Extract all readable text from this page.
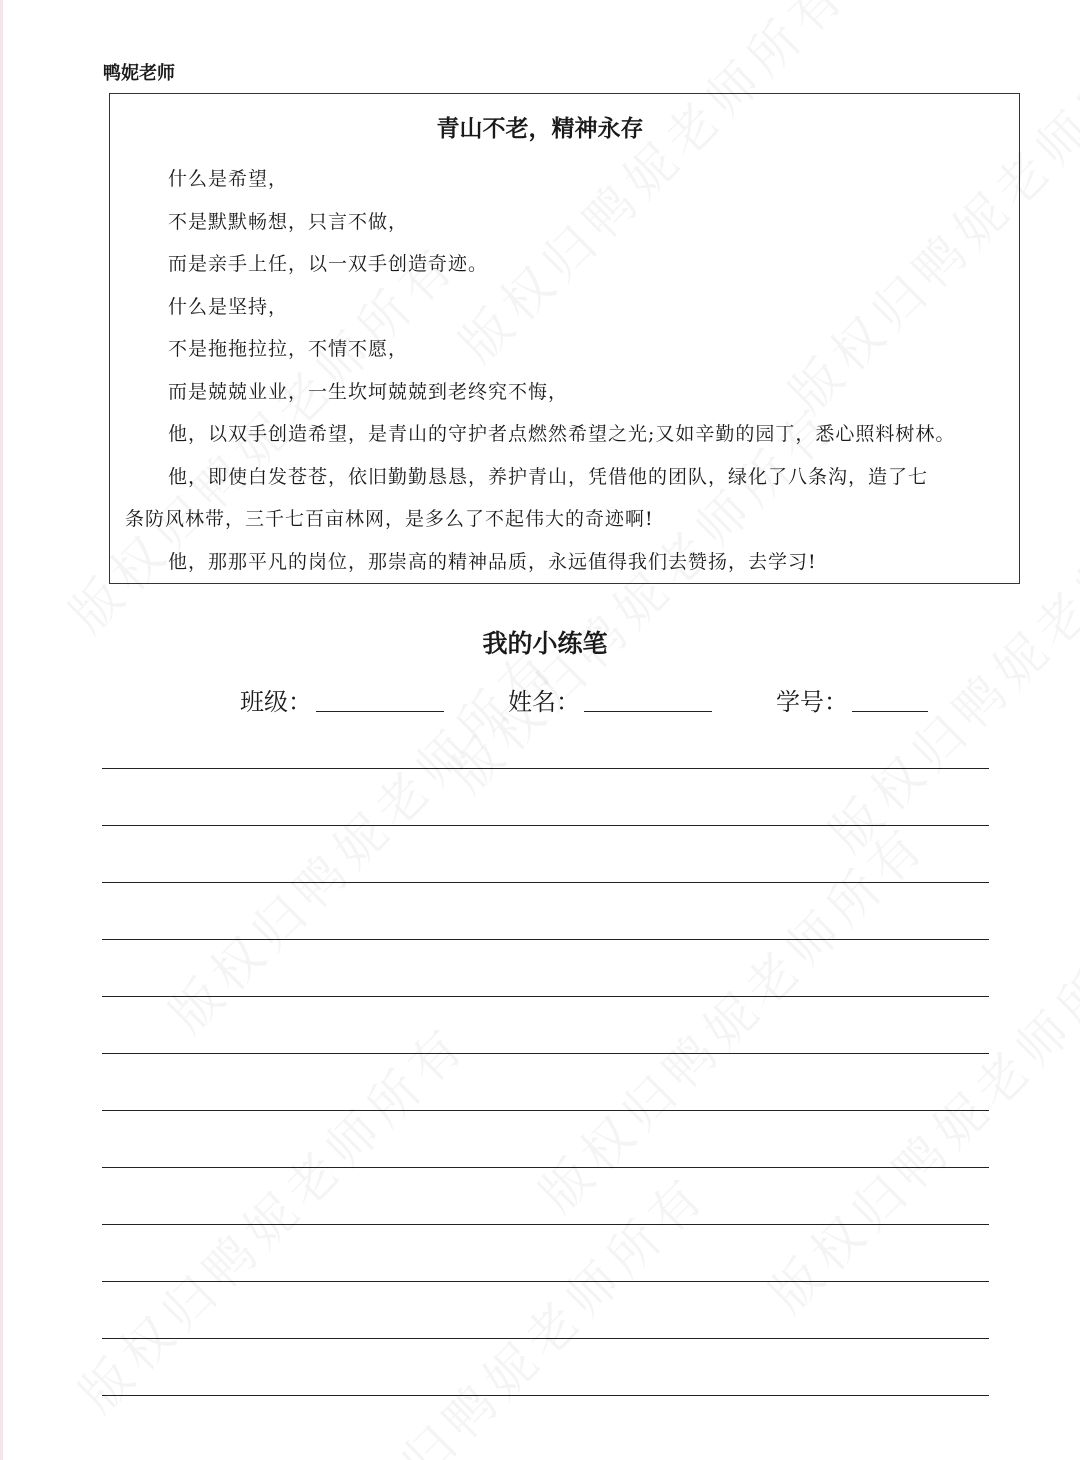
鸭妮老师
青山不老，精神永存
什么是希望，
不是默默畅想，只言不做，
而是亲手上任，以一双手创造奇迹。
什么是坚持，
不是拖拖拉拉，不情不愿，
而是兢兢业业，一生坎坷兢兢到老终究不悔，
他，以双手创造希望，是青山的守护者点燃然希望之光;又如辛勤的园丁，悉心照料树林。
他，即使白发苍苍，依旧勤勤恳恳，养护青山，凭借他的团队，绿化了八条沟，造了七
条防风林带，三千七百亩林网，是多么了不起伟大的奇迹啊!
他，那那平凡的岗位，那崇高的精神品质，永远值得我们去赞扬，去学习!
我的小练笔
班级：	姓名：	学号：
